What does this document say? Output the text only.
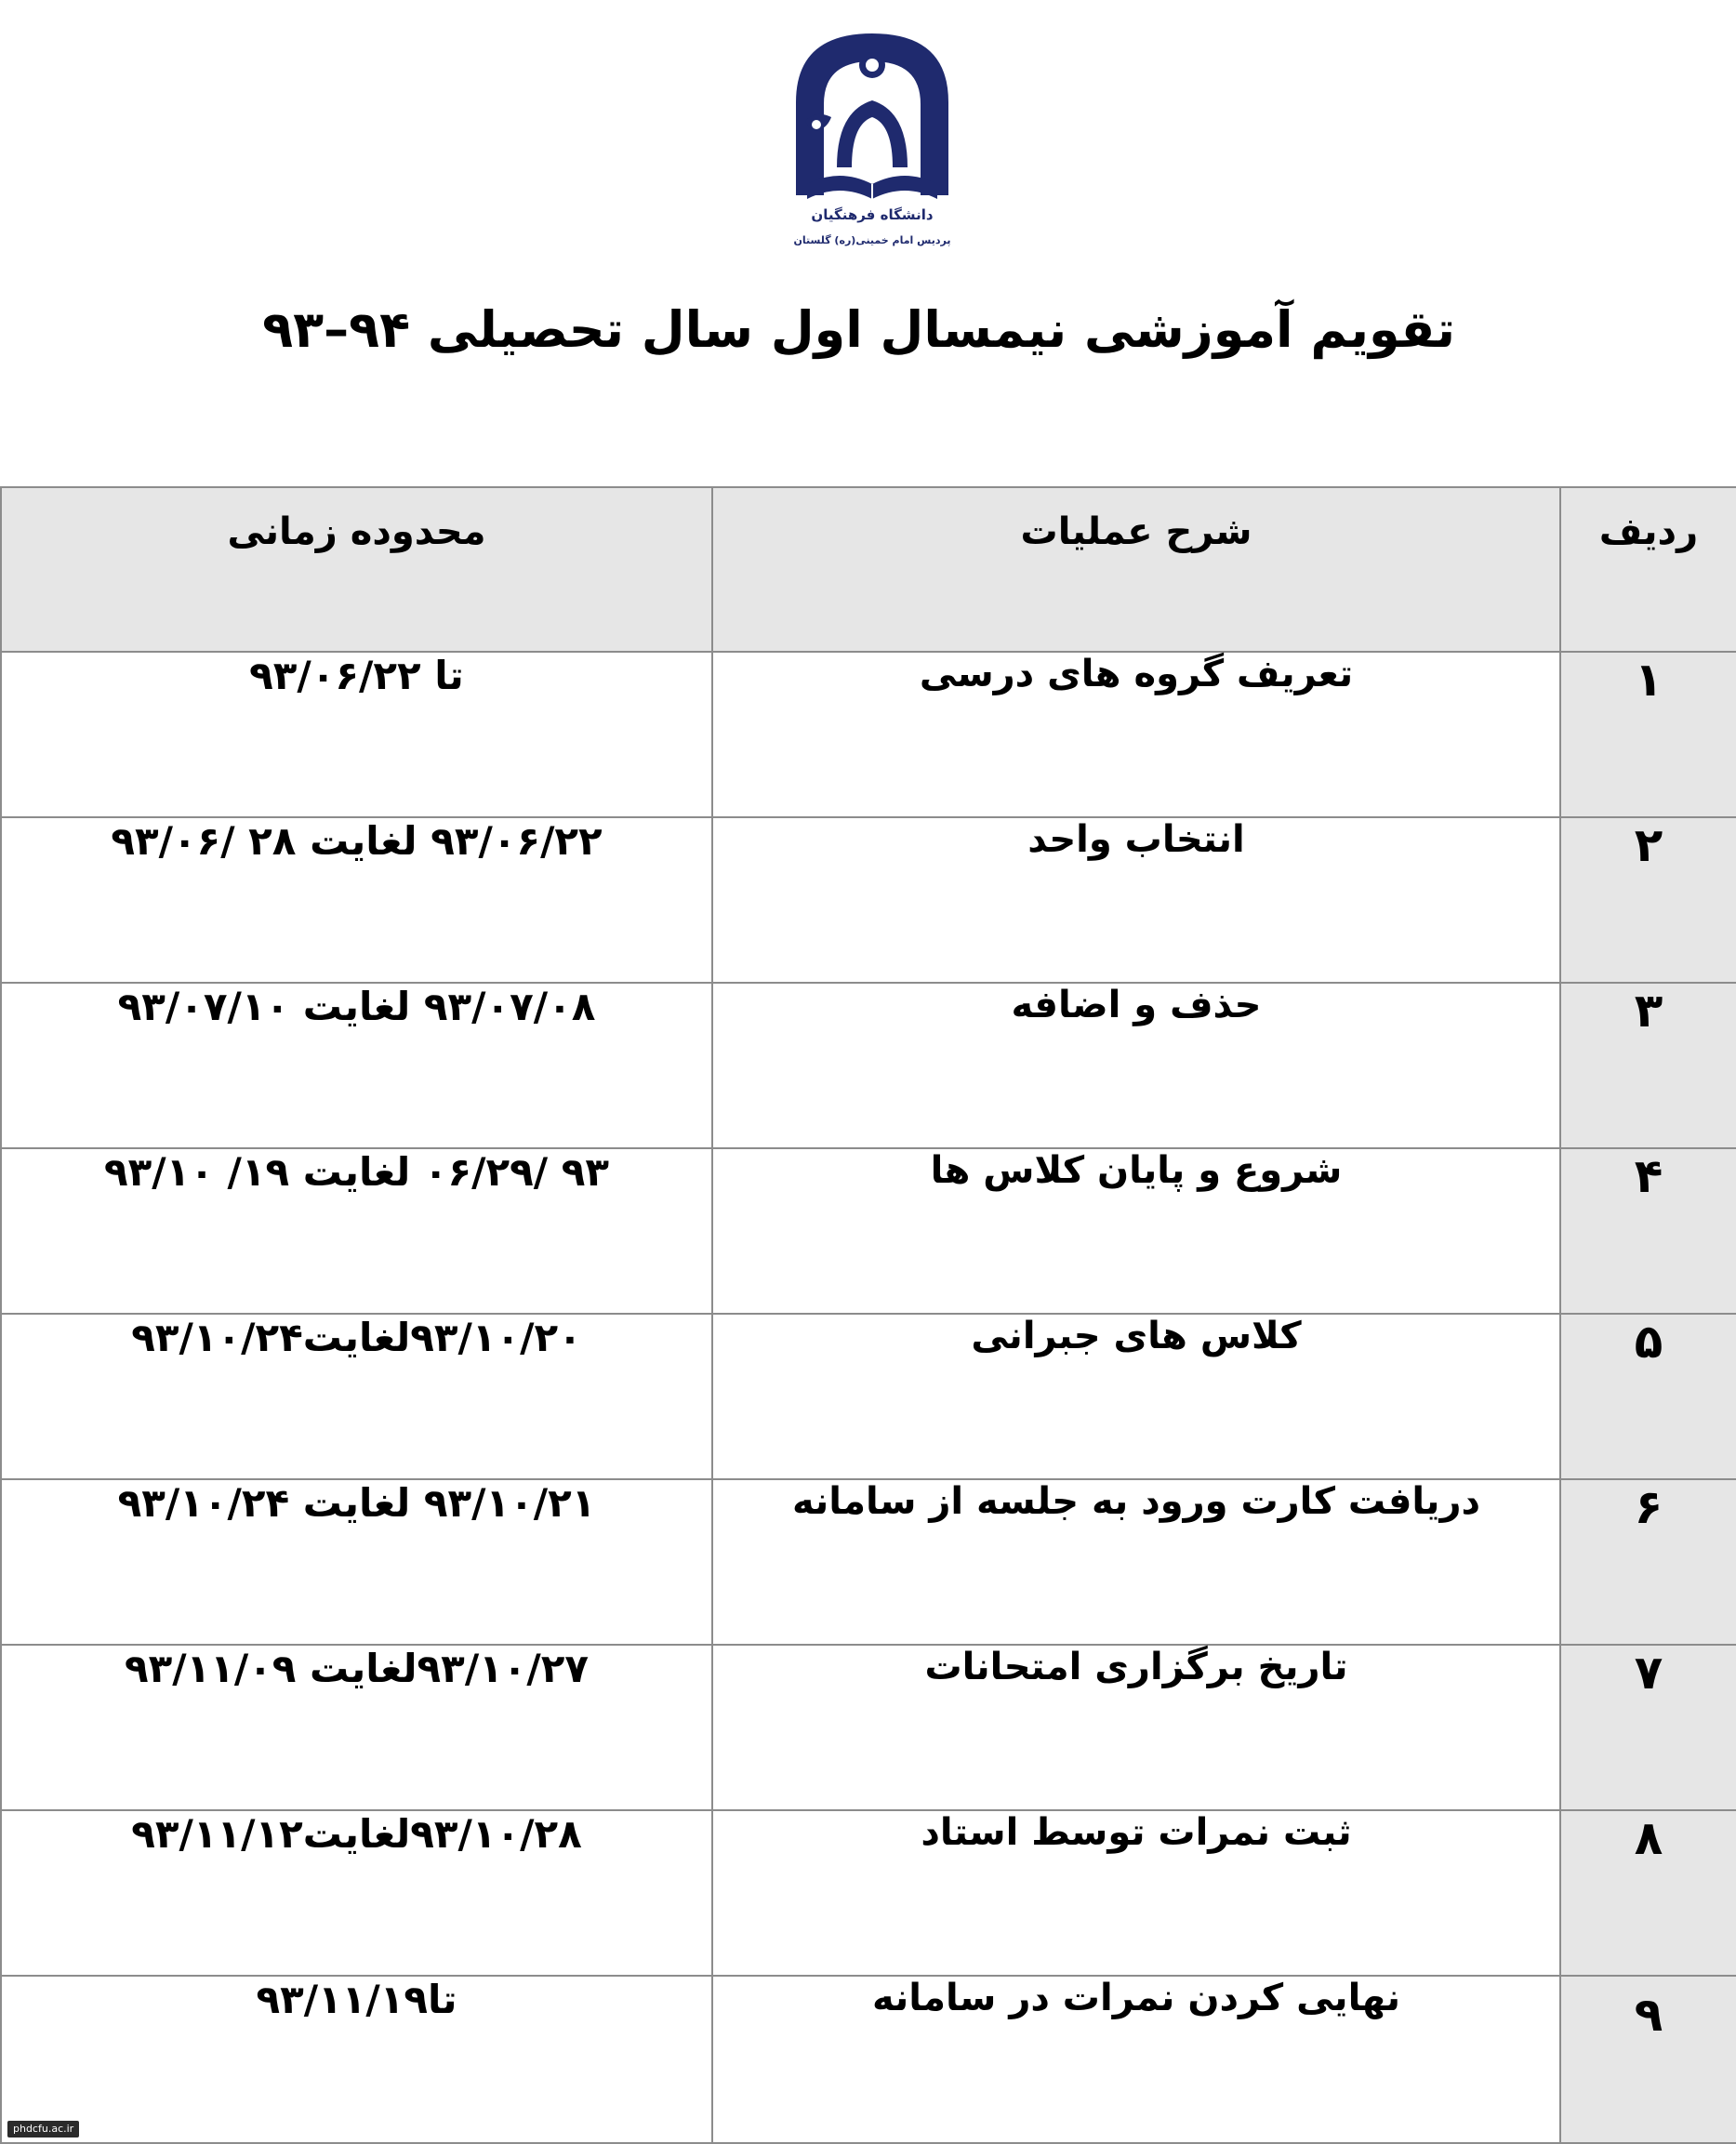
دانشگاه فرهنگیان
پردیس امام خمینی(ره) گلستان
تقویم آموزشی نیمسال اول سال تحصیلی ۹۴–۹۳
ردیف	شرح عملیات	محدوده زمانی
۱	تعریف گروه های درسی	تا ۹۳/۰۶/۲۲
۲	انتخاب واحد	۹۳/۰۶/۲۲ لغایت ۲۸ /۹۳/۰۶
۳	حذف و اضافه	۹۳/۰۷/۰۸ لغایت ۹۳/۰۷/۱۰
۴	شروع و پایان کلاس ها	۹۳ /۰۶/۲۹ لغایت ۱۹/ ۹۳/۱۰
۵	کلاس های جبرانی	۹۳/۱۰/۲۰لغایت۹۳/۱۰/۲۴
۶	دریافت کارت ورود به جلسه از سامانه	۹۳/۱۰/۲۱ لغایت ۹۳/۱۰/۲۴
۷	تاریخ برگزاری امتحانات	۹۳/۱۰/۲۷لغایت ۹۳/۱۱/۰۹
۸	ثبت نمرات توسط استاد	۹۳/۱۰/۲۸لغایت۹۳/۱۱/۱۲
۹	نهایی کردن نمرات در سامانه	تا۹۳/۱۱/۱۹
phdcfu.ac.ir
